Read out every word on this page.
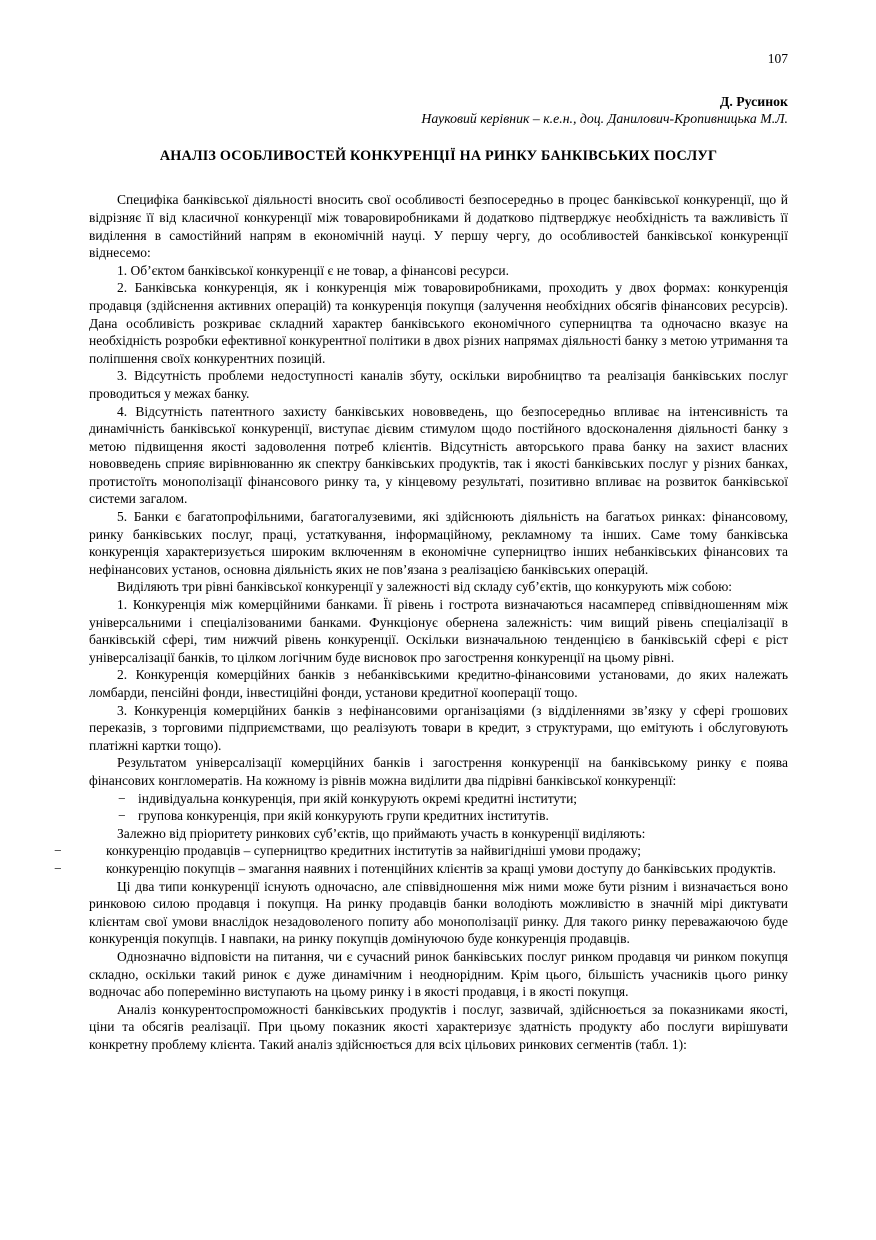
107
Д. Русинок
Науковий керівник – к.е.н., доц. Данилович-Кропивницька М.Л.
АНАЛІЗ ОСОБЛИВОСТЕЙ КОНКУРЕНЦІЇ НА РИНКУ БАНКІВСЬКИХ ПОСЛУГ
Специфіка банківської діяльності вносить свої особливості безпосередньо в процес банківської конкуренції, що й відрізняє її від класичної конкуренції між товаровиробниками й додатково підтверджує необхідність та важливість її виділення в самостійний напрям в економічній науці. У першу чергу, до особливостей банківської конкуренції віднесемо:
1. Об’єктом банківської конкуренції є не товар, а фінансові ресурси.
2. Банківська конкуренція, як і конкуренція між товаровиробниками, проходить у двох формах: конкуренція продавця (здійснення активних операцій) та конкуренція покупця (залучення необхідних обсягів фінансових ресурсів). Дана особливість розкриває складний характер банківського економічного суперництва та одночасно вказує на необхідність розробки ефективної конкурентної політики в двох різних напрямах діяльності банку з метою утримання та поліпшення своїх конкурентних позицій.
3. Відсутність проблеми недоступності каналів збуту, оскільки виробництво та реалізація банківських послуг проводиться у межах банку.
4. Відсутність патентного захисту банківських нововведень, що безпосередньо впливає на інтенсивність та динамічність банківської конкуренції, виступає дієвим стимулом щодо постійного вдосконалення діяльності банку з метою підвищення якості задоволення потреб клієнтів. Відсутність авторського права банку на захист власних нововведень сприяє вирівнюванню як спектру банківських продуктів, так і якості банківських послуг у різних банках, протистоїть монополізації фінансового ринку та, у кінцевому результаті, позитивно впливає на розвиток банківської системи загалом.
5. Банки є багатопрофільними, багатогалузевими, які здійснюють діяльність на багатьох ринках: фінансовому, ринку банківських послуг, праці, устаткування, інформаційному, рекламному та інших. Саме тому банківська конкуренція характеризується широким включенням в економічне суперництво інших небанківських фінансових та нефінансових установ, основна діяльність яких не пов’язана з реалізацією банківських операцій.
Виділяють три рівні банківської конкуренції у залежності від складу суб’єктів, що конкурують між собою:
1. Конкуренція між комерційними банками. Її рівень і гострота визначаються насамперед співвідношенням між універсальними і спеціалізованими банками. Функціонує обернена залежність: чим вищий рівень спеціалізації в банківській сфері, тим нижчий рівень конкуренції. Оскільки визначальною тенденцією в банківській сфері є ріст універсалізації банків, то цілком логічним буде висновок про загострення конкуренції на цьому рівні.
2. Конкуренція комерційних банків з небанківськими кредитно-фінансовими установами, до яких належать ломбарди, пенсійні фонди, інвестиційні фонди, установи кредитної кооперації тощо.
3. Конкуренція комерційних банків з нефінансовими організаціями (з відділеннями зв’язку у сфері грошових переказів, з торговими підприємствами, що реалізують товари в кредит, з структурами, що емітують і обслуговують платіжні картки тощо).
Результатом універсалізації комерційних банків і загострення конкуренції на банківському ринку є поява фінансових конгломератів. На кожному із рівнів можна виділити два підрівні банківської конкуренції:
− індивідуальна конкуренція, при якій конкурують окремі кредитні інститути;
− групова конкуренція, при якій конкурують групи кредитних інститутів.
Залежно від пріоритету ринкових суб’єктів, що приймають участь в конкуренції виділяють:
−	конкуренцію продавців – суперництво кредитних інститутів за найвигідніші умови продажу;
−	конкуренцію покупців – змагання наявних і потенційних клієнтів за кращі умови доступу до банківських продуктів.
Ці два типи конкуренції існують одночасно, але співвідношення між ними може бути різним і визначається воно ринковою силою продавця і покупця. На ринку продавців банки володіють можливістю в значній мірі диктувати клієнтам свої умови внаслідок незадоволеного попиту або монополізації ринку. Для такого ринку переважаючою буде конкуренція покупців. І навпаки, на ринку покупців домінуючою буде конкуренція продавців.
Однозначно відповісти на питання, чи є сучасний ринок банківських послуг ринком продавця чи ринком покупця складно, оскільки такий ринок є дуже динамічним і неоднорідним. Крім цього, більшість учасників цього ринку водночас або поперемінно виступають на цьому ринку і в якості продавця, і в якості покупця.
Аналіз конкурентоспроможності банківських продуктів і послуг, зазвичай, здійснюється за показниками якості, ціни та обсягів реалізації. При цьому показник якості характеризує здатність продукту або послуги вирішувати конкретну проблему клієнта. Такий аналіз здійснюється для всіх цільових ринкових сегментів (табл. 1):
